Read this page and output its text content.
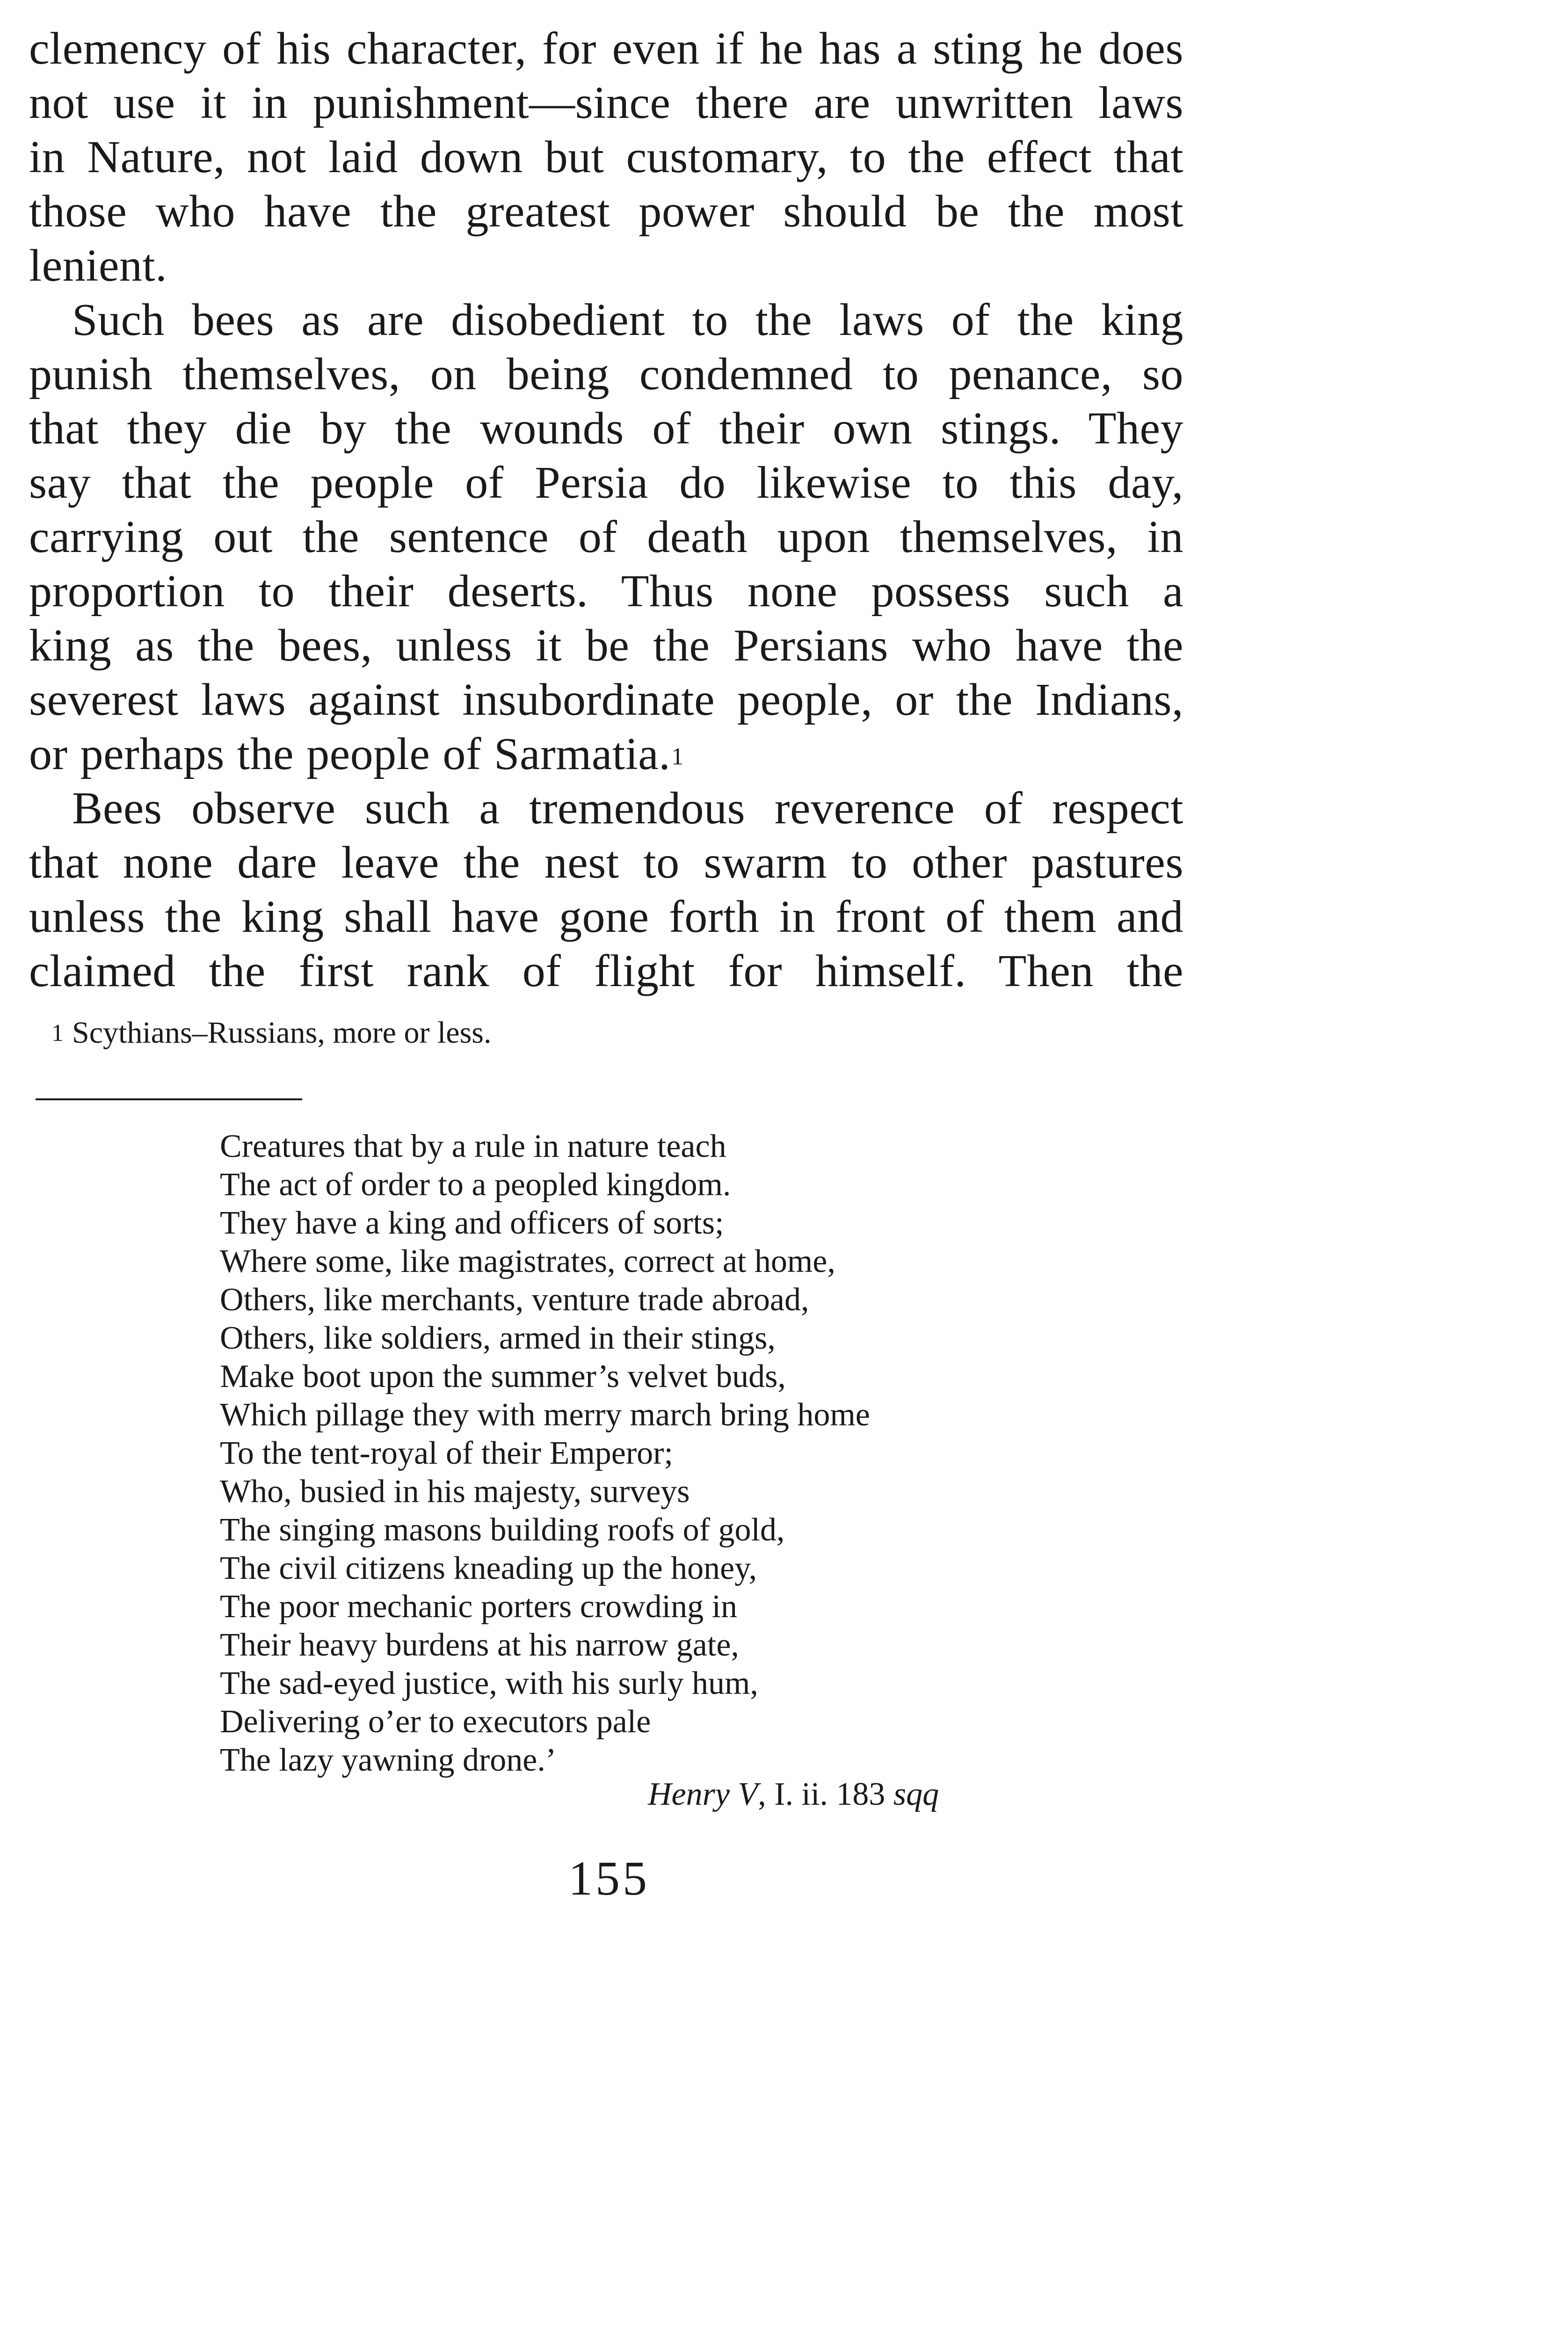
clemency of his character, for even if he has a sting he does
not use it in punishment—since there are unwritten laws
in Nature, not laid down but customary, to the effect that
those who have the greatest power should be the most
lenient.
Such bees as are disobedient to the laws of the king
punish themselves, on being condemned to penance, so
that they die by the wounds of their own stings. They
say that the people of Persia do likewise to this day,
carrying out the sentence of death upon themselves, in
proportion to their deserts. Thus none possess such a
king as the bees, unless it be the Persians who have the
severest laws against insubordinate people, or the Indians,
or perhaps the people of Sarmatia.$^1$
Bees observe such a tremendous reverence of respect
that none dare leave the nest to swarm to other pastures
unless the king shall have gone forth in front of them and
claimed the first rank of flight for himself. Then the
1 Scythians–Russians, more or less.
Creatures that by a rule in nature teach
The act of order to a peopled kingdom.
They have a king and officers of sorts;
Where some, like magistrates, correct at home,
Others, like merchants, venture trade abroad,
Others, like soldiers, armed in their stings,
Make boot upon the summer’s velvet buds,
Which pillage they with merry march bring home
To the tent-royal of their Emperor;
Who, busied in his majesty, surveys
The singing masons building roofs of gold,
The civil citizens kneading up the honey,
The poor mechanic porters crowding in
Their heavy burdens at his narrow gate,
The sad-eyed justice, with his surly hum,
Delivering o’er to executors pale
The lazy yawning drone.’
Henry V, I. ii. 183 sqq
155
